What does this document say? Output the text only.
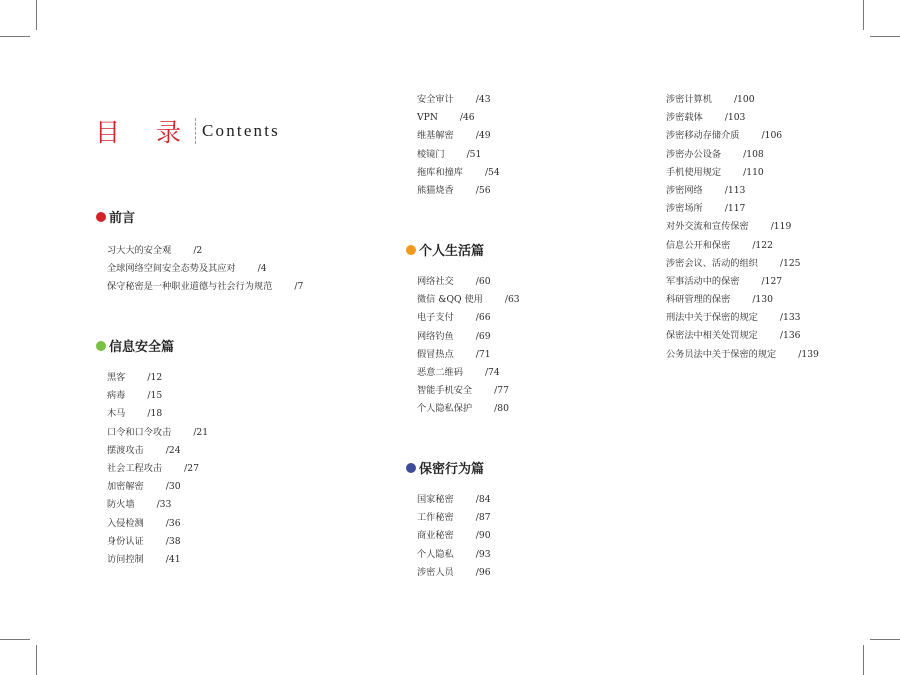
目 录 Contents
前言
习大大的安全观 /2
全球网络空间安全态势及其应对 /4
保守秘密是一种职业道德与社会行为规范 /7
信息安全篇
黑客 /12
病毒 /15
木马 /18
口令和口令攻击 /21
摆渡攻击 /24
社会工程攻击 /27
加密解密 /30
防火墙 /33
入侵检测 /36
身份认证 /38
访问控制 /41
安全审计 /43
VPN /46
维基解密 /49
棱镜门 /51
拖库和撞库 /54
熊猫烧香 /56
个人生活篇
网络社交 /60
微信 &QQ 使用 /63
电子支付 /66
网络钓鱼 /69
假冒热点 /71
恶意二维码 /74
智能手机安全 /77
个人隐私保护 /80
保密行为篇
国家秘密 /84
工作秘密 /87
商业秘密 /90
个人隐私 /93
涉密人员 /96
涉密计算机 /100
涉密载体 /103
涉密移动存储介质 /106
涉密办公设备 /108
手机使用规定 /110
涉密网络 /113
涉密场所 /117
对外交流和宣传保密 /119
信息公开和保密 /122
涉密会议、活动的组织 /125
军事活动中的保密 /127
科研管理的保密 /130
刑法中关于保密的规定 /133
保密法中相关处罚规定 /136
公务员法中关于保密的规定 /139
